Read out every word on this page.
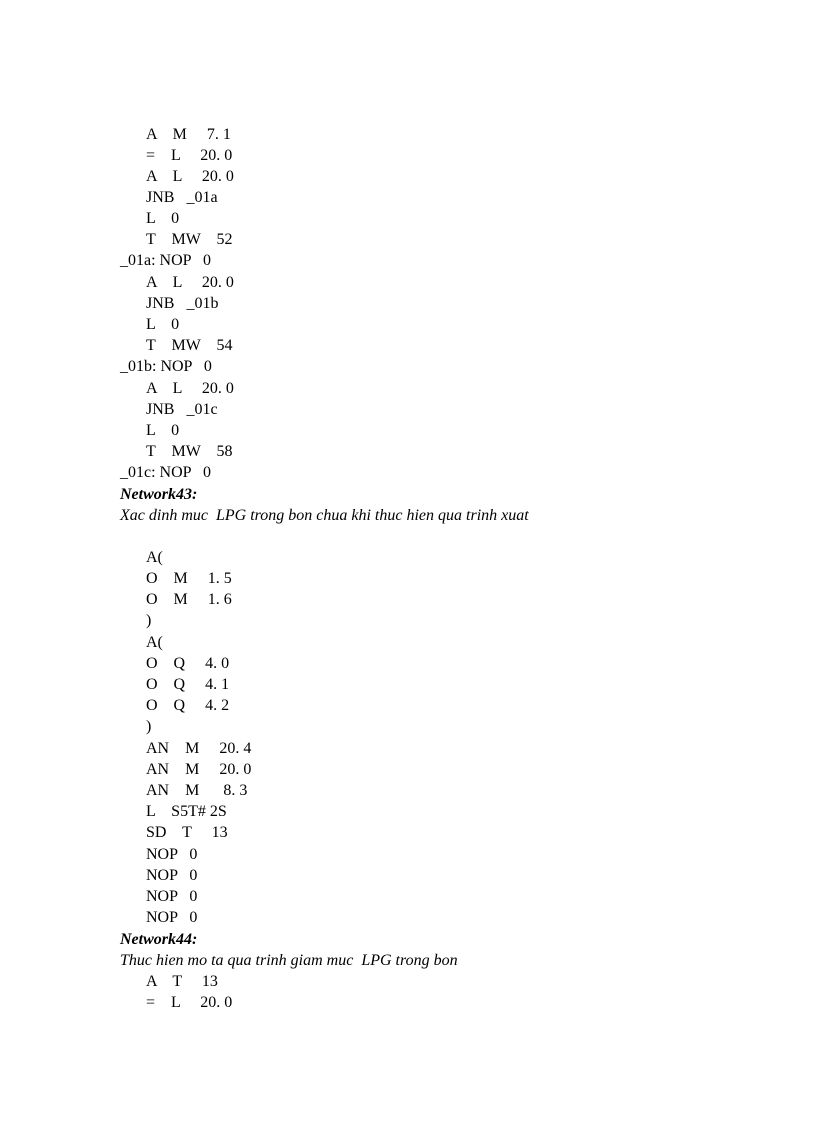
A    M     7. 1
=    L     20. 0
A    L     20. 0
JNB   _01a
L    0
T    MW    52
_01a: NOP   0
A    L     20. 0
JNB   _01b
L    0
T    MW    54
_01b: NOP   0
A    L     20. 0
JNB   _01c
L    0
T    MW    58
_01c: NOP   0
Network43:
Xac dinh muc  LPG trong bon chua khi thuc hien qua trinh xuat
A(
O    M     1. 5
O    M     1. 6
)
A(
O    Q     4. 0
O    Q     4. 1
O    Q     4. 2
)
AN    M     20. 4
AN    M     20. 0
AN    M      8. 3
L    S5T# 2S
SD    T     13
NOP   0
NOP   0
NOP   0
NOP   0
Network44:
Thuc hien mo ta qua trinh giam muc  LPG trong bon
A    T     13
=    L     20. 0
